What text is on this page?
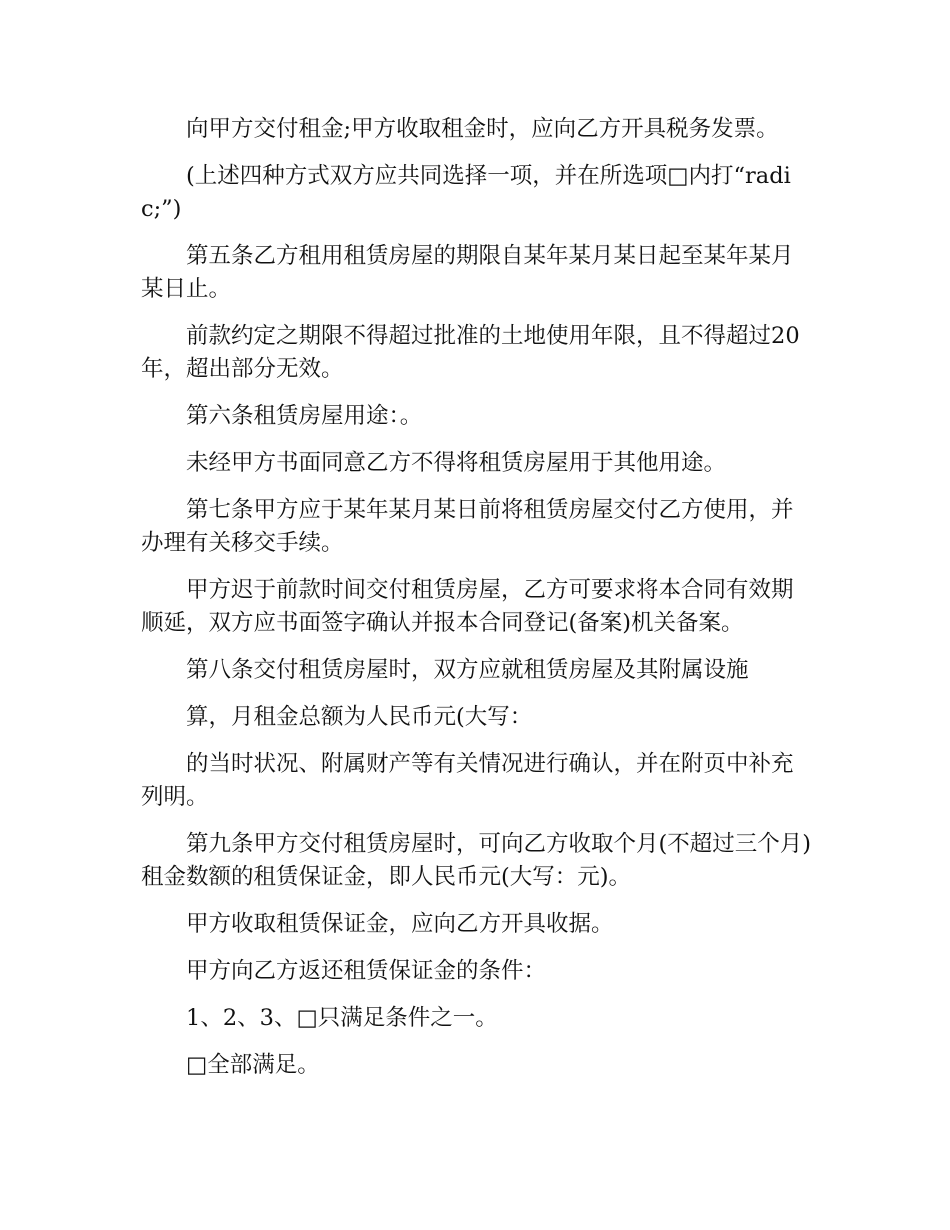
向甲方交付租金;甲方收取租金时，应向乙方开具税务发票。

(上述四种方式双方应共同选择一项，并在所选项□内打“radic;”)

第五条乙方租用租赁房屋的期限自某年某月某日起至某年某月某日止。

前款约定之期限不得超过批准的土地使用年限，且不得超过20年，超出部分无效。

第六条租赁房屋用途：。

未经甲方书面同意乙方不得将租赁房屋用于其他用途。

第七条甲方应于某年某月某日前将租赁房屋交付乙方使用，并办理有关移交手续。

甲方迟于前款时间交付租赁房屋，乙方可要求将本合同有效期顺延，双方应书面签字确认并报本合同登记(备案)机关备案。

第八条交付租赁房屋时，双方应就租赁房屋及其附属设施

算，月租金总额为人民币元(大写：

的当时状况、附属财产等有关情况进行确认，并在附页中补充列明。

第九条甲方交付租赁房屋时，可向乙方收取个月(不超过三个月)租金数额的租赁保证金，即人民币元(大写：元)。

甲方收取租赁保证金，应向乙方开具收据。

甲方向乙方返还租赁保证金的条件：

1、2、3、□只满足条件之一。

□全部满足。
